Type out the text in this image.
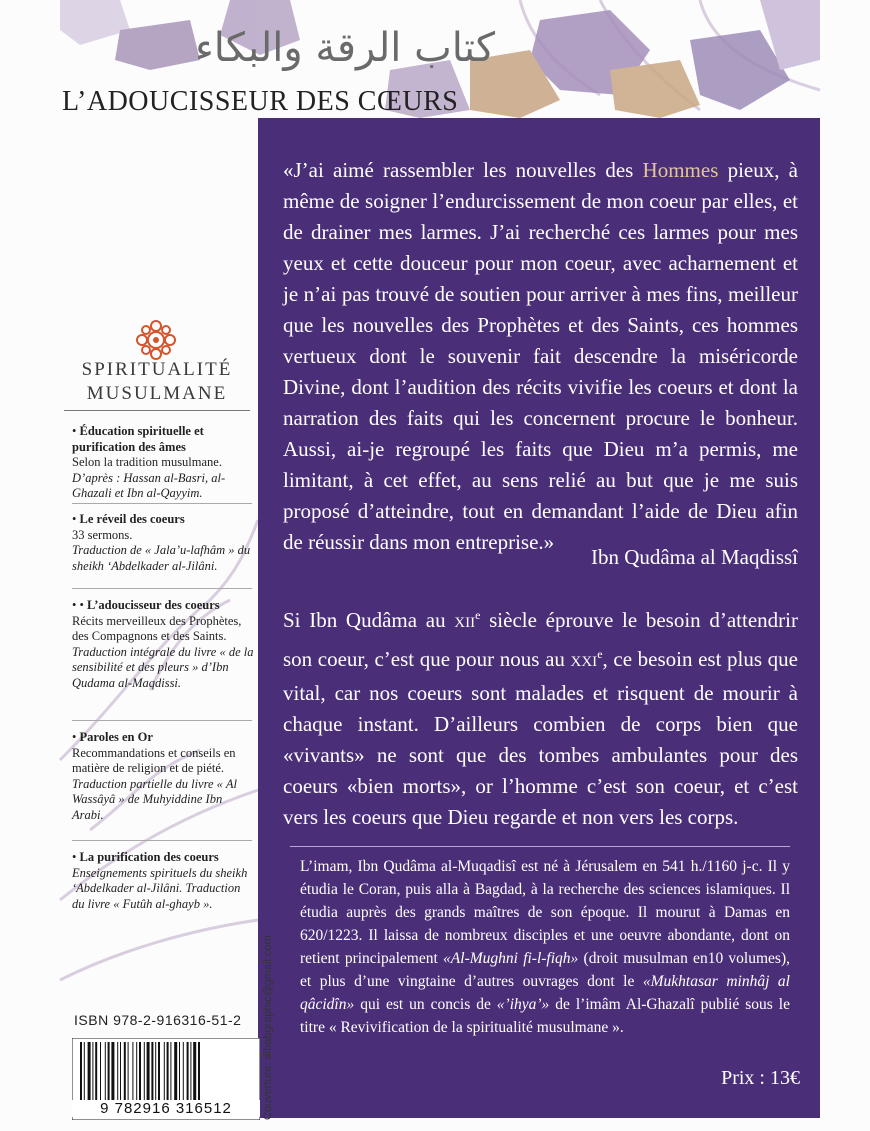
كتاب الرقة والبكاء
L’ADOUCISSEUR DES CŒURS
«J’ai aimé rassembler les nouvelles des Hommes pieux, à même de soigner l’endurcissement de mon coeur par elles, et de drainer mes larmes. J’ai recherché ces larmes pour mes yeux et cette douceur pour mon coeur, avec acharnement et je n’ai pas trouvé de soutien pour arriver à mes fins, meilleur que les nouvelles des Prophètes et des Saints, ces hommes vertueux dont le souvenir fait descendre la miséricorde Divine, dont l’audition des récits vivifie les coeurs et dont la narration des faits qui les concernent procure le bonheur. Aussi, ai-je regroupé les faits que Dieu m’a permis, me limitant, à cet effet, au sens relié au but que je me suis proposé d’atteindre, tout en demandant l’aide de Dieu afin de réussir dans mon entreprise.»
Ibn Qudâma al Maqdissî
Si Ibn Qudâma au XIIe siècle éprouve le besoin d’attendrir son coeur, c’est que pour nous au XXIe, ce besoin est plus que vital, car nos coeurs sont malades et risquent de mourir à chaque instant. D’ailleurs combien de corps bien que «vivants» ne sont que des tombes ambulantes pour des coeurs «bien morts», or l’homme c’est son coeur, et c’est vers les coeurs que Dieu regarde et non vers les corps.
L’imam, Ibn Qudâma al-Muqadisî est né à Jérusalem en 541 h./1160 j-c. Il y étudia le Coran, puis alla à Bagdad, à la recherche des sciences islamiques. Il étudia auprès des grands maîtres de son époque. Il mourut à Damas en 620/1223. Il laissa de nombreux disciples et une oeuvre abondante, dont on retient principalement «Al-Mughni fi-l-fiqh» (droit musulman en10 volumes), et plus d’une vingtaine d’autres ouvrages dont le «Mukhtasar minhâj al qâcidîn» qui est un concis de «’ihya’» de l’imâm Al-Ghazalî publié sous le titre « Revivification de la spiritualité musulmane ».
Prix : 13€
SPIRITUALITÉ
MUSULMANE
• Éducation spirituelle et purification des âmes
Selon la tradition musulmane.
D’après : Hassan al-Basri, al-Ghazali et Ibn al-Qayyim.
• Le réveil des coeurs
33 sermons.
Traduction de « Jala’u-lafhâm » du sheikh ‘Abdelkader al-Jilâni.
• • L’adoucisseur des coeurs
Récits merveilleux des Prophètes, des Compagnons et des Saints.
Traduction intégrale du livre « de la sensibilité et des pleurs » d’Ibn Qudama al-Maqdissi.
• Paroles en Or
Recommandations et conseils en matière de religion et de piété.
Traduction partielle du livre « Al Wassâyâ » de Muhyiddine Ibn Arabi.
• La purification des coeurs

Enseignements spirituels du sheikh ‘Abdelkader al-Jilâni. Traduction du livre « Futûh al-ghayb ».
ISBN 978-2-916316-51-2
9 782916 316512	Couverture: albabgraphic@gmail.com
